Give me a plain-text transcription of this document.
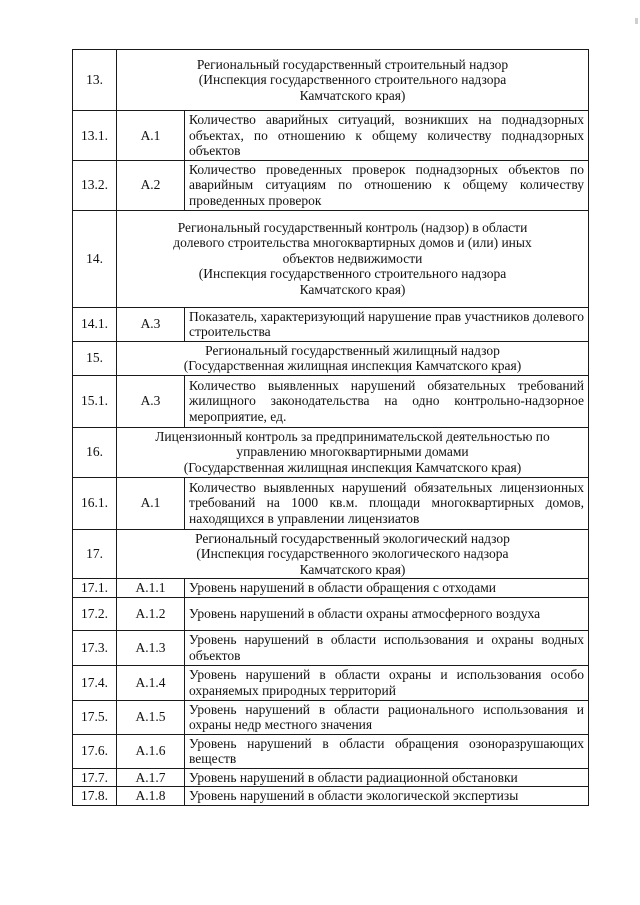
13.	Региональный государственный строительный надзор
(Инспекция государственного строительного надзора
Камчатского края)	

13.1.	А.1	Количество аварийных ситуаций, возникших на поднадзорных объектах, по отношению к общему количеству поднадзорных объектов
13.2.	А.2	Количество проведенных проверок поднадзорных объектов по аварийным ситуациям по отношению к общему количеству проведенных проверок
14.	Региональный государственный контроль (надзор) в области
долевого строительства многоквартирных домов и (или) иных
объектов недвижимости
(Инспекция государственного строительного надзора
Камчатского края)	

14.1.	А.3	Показатель, характеризующий нарушение прав участников долевого строительства
15.	Региональный государственный жилищный надзор
(Государственная жилищная инспекция Камчатского края)	

15.1.	А.3	Количество выявленных нарушений обязательных требований жилищного законодательства на одно контрольно-надзорное мероприятие, ед.
16.	Лицензионный контроль за предпринимательской деятельностью по
управлению многоквартирными домами
(Государственная жилищная инспекция Камчатского края)	

16.1.	А.1	Количество выявленных нарушений обязательных лицензионных требований на 1000 кв.м. площади многоквартирных домов, находящихся в управлении лицензиатов
17.	Региональный государственный экологический надзор
(Инспекция государственного экологического надзора
Камчатского края)	

17.1.	А.1.1	Уровень нарушений в области обращения с отходами
17.2.	А.1.2	Уровень нарушений в области охраны атмосферного воздуха
17.3.	А.1.3	Уровень нарушений в области использования и охраны водных объектов
17.4.	А.1.4	Уровень нарушений в области охраны и использования особо охраняемых природных территорий
17.5.	А.1.5	Уровень нарушений в области рационального использования и охраны недр местного значения
17.6.	А.1.6	Уровень нарушений в области обращения озоноразрушающих веществ
17.7.	А.1.7	Уровень нарушений в области радиационной обстановки
17.8.	А.1.8	Уровень нарушений в области экологической экспертизы
